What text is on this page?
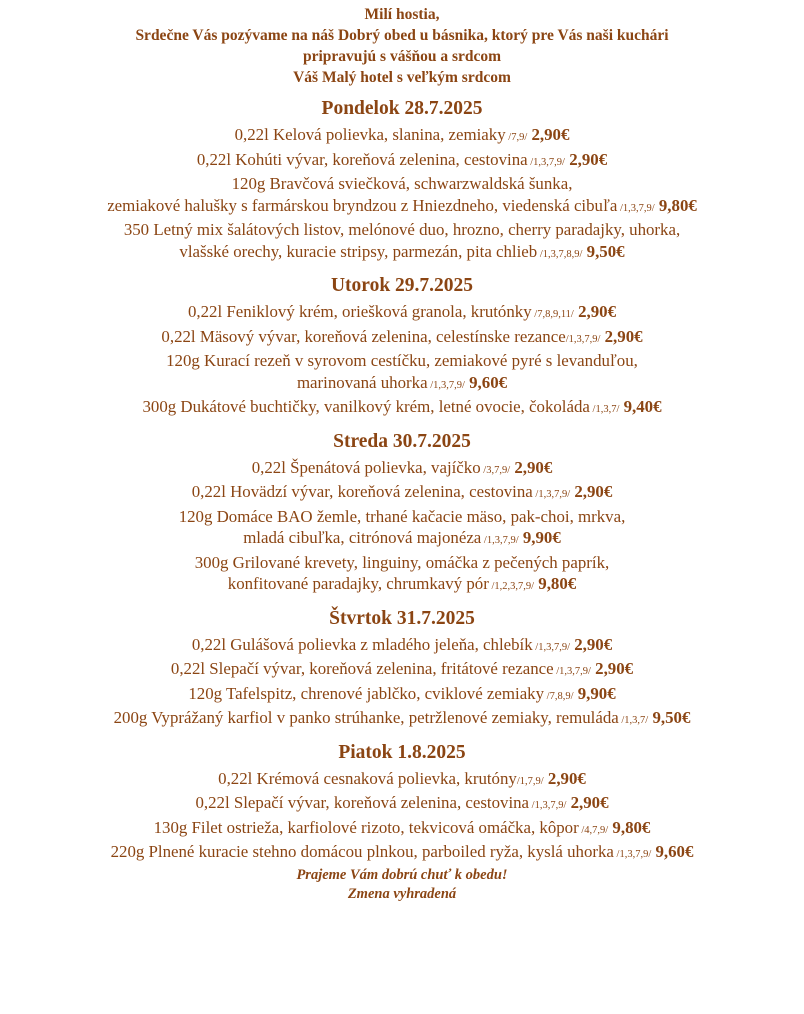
Milí hostia,
Srdečne Vás pozývame na náš Dobrý obed u básnika, ktorý pre Vás naši kuchári
pripravujú s vášňou a srdcom
Váš Malý hotel s veľkým srdcom
Pondelok 28.7.2025
0,22l Kelová polievka, slanina, zemiaky /7,9/ 2,90€
0,22l Kohúti vývar, koreňová zelenina, cestovina /1,3,7,9/ 2,90€
120g Bravčová sviečková, schwarzwaldská šunka,
zemiakové halušky s farmárskou bryndzou z Hniezdneho, viedenská cibuľa /1,3,7,9/ 9,80€
350 Letný mix šalátových listov, melónové duo, hrozno, cherry paradajky, uhorka,
vlašské orechy, kuracie stripsy, parmezán, pita chlieb /1,3,7,8,9/ 9,50€
Utorok 29.7.2025
0,22l Feniklový krém, oriešková granola, krutónky /7,8,9,11/ 2,90€
0,22l Mäsový vývar, koreňová zelenina, celestínske rezance/1,3,7,9/ 2,90€
120g Kurací rezeň v syrovom cestíčku, zemiakové pyré s levanduľou,
marinovaná uhorka /1,3,7,9/ 9,60€
300g Dukátové buchtičky, vanilkový krém, letné ovocie, čokoláda /1,3,7/ 9,40€
Streda 30.7.2025
0,22l Špenátová polievka, vajíčko /3,7,9/ 2,90€
0,22l Hovädzí vývar, koreňová zelenina, cestovina /1,3,7,9/ 2,90€
120g Domáce BAO žemle, trhané kačacie mäso, pak-choi, mrkva,
mladá cibuľka, citrónová majonéza /1,3,7,9/ 9,90€
300g Grilované krevety, linguiny, omáčka z pečených paprík,
konfitované paradajky, chrumkavý pór /1,2,3,7,9/ 9,80€
Štvrtok 31.7.2025
0,22l Gulášová polievka z mladého jeleňa, chlebík /1,3,7,9/ 2,90€
0,22l Slepačí vývar, koreňová zelenina, fritátové rezance /1,3,7,9/ 2,90€
120g Tafelspitz, chrenové jablčko, cviklové zemiaky /7,8,9/ 9,90€
200g Vyprážaný karfiol v panko strúhanke, petržlenové zemiaky, remuláda /1,3,7/ 9,50€
Piatok 1.8.2025
0,22l Krémová cesnaková polievka, krutóny/1,7,9/ 2,90€
0,22l Slepačí vývar, koreňová zelenina, cestovina /1,3,7,9/ 2,90€
130g Filet ostrieža, karfiolové rizoto, tekvicová omáčka, kôpor /4,7,9/ 9,80€
220g Plnené kuracie stehno domácou plnkou, parboiled ryža, kyslá uhorka /1,3,7,9/ 9,60€
Prajeme Vám dobrú chuť k obedu!
Zmena vyhradená
